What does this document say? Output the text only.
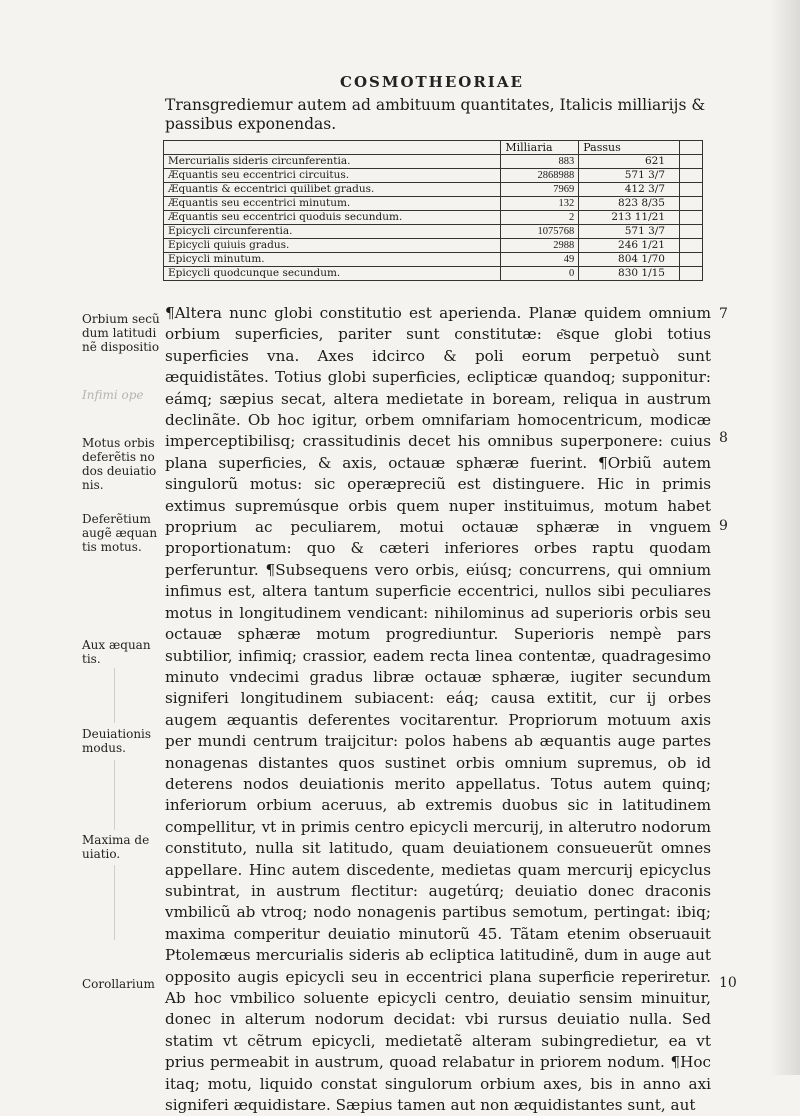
COSMOTHEORIAE
Transgrediemur autem ad ambituum quantitates, Italicis milliarijs & passibus exponendas.
	Milliaria	Passus	
Mercurialis sideris circunferentia.	883	621	
Æquantis seu eccentrici circuitus.	2868988	571 3/7	
Æquantis & eccentrici quilibet gradus.	7969	412 3/7	
Æquantis seu eccentrici minutum.	132	823 8/35	
Æquantis seu eccentrici quoduis secundum.	2	213 11/21	
Epicycli circunferentia.	1075768	571 3/7	
Epicycli quiuis gradus.	2988	246 1/21	
Epicycli minutum.	49	804 1/70	
Epicycli quodcunque secundum.	0	830 1/15	
Orbium secũ dum latitudi nẽ dispositio
Infimi ope
Motus orbis deferẽtis no dos deuiatio nis.
Deferẽtium augẽ æquan tis motus.
Aux æquan tis.
Deuiationis modus.
Maxima de uiatio.
Corollarium
7
8
9
10

¶Altera nunc globi constitutio est aperienda. Planæ quidem omnium orbium superficies, pariter sunt constitutæ: e͂sque globi totius superficies vna. Axes idcirco & poli eorum perpetuò sunt æquidistãtes. Totius globi superficies, eclipticæ quandoq; supponitur: eámq; sæpius secat, altera medietate in boream, reliqua in austrum declinãte. Ob hoc igitur, orbem omnifariam homocentricum, modicæ imperceptibilisq; crassitudinis decet his omnibus superponere: cuius plana superficies, & axis, octauæ sphæræ fuerint. ¶Orbiũ autem singulorũ motus: sic operæpreciũ est distinguere. Hic in primis extimus supremúsque orbis quem nuper instituimus, motum habet proprium ac peculiarem, motui octauæ sphæræ in vnguem proportionatum: quo & cæteri inferiores orbes raptu quodam perferuntur. ¶Subsequens vero orbis, eiúsq; concurrens, qui omnium infimus est, altera tantum superficie eccentrici, nullos sibi peculiares motus in longitudinem vendicant: nihilominus ad superioris orbis seu octauæ sphæræ motum progrediuntur. Superioris nempè pars subtilior, infimiq; crassior, eadem recta linea contentæ, quadragesimo minuto vndecimi gradus libræ octauæ sphæræ, iugiter secundum signiferi longitudinem subiacent: eáq; causa extitit, cur ij orbes augem æquantis deferentes vocitarentur. Propriorum motuum axis per mundi centrum traijcitur: polos habens ab æquantis auge partes nonagenas distantes quos sustinet orbis omnium supremus, ob id deterens nodos deuiationis merito appellatus. Totus autem quinq; inferiorum orbium aceruus, ab extremis duobus sic in latitudinem compellitur, vt in primis centro epicycli mercurij, in alterutro nodorum constituto, nulla sit latitudo, quam deuiationem consueuerũt omnes appellare. Hinc autem discedente, medietas quam mercurij epicyclus subintrat, in austrum flectitur: augetúrq; deuiatio donec draconis vmbilicũ ab vtroq; nodo nonagenis partibus semotum, pertingat: ibiq; maxima comperitur deuiatio minutorũ 45. Tãtam etenim obseruauit Ptolemæus mercurialis sideris ab ecliptica latitudinẽ, dum in auge aut opposito augis epicycli seu in eccentrici plana superficie reperiretur. Ab hoc vmbilico soluente epicycli centro, deuiatio sensim minuitur, donec in alterum nodorum decidat: vbi rursus deuiatio nulla. Sed statim vt cẽtrum epicycli, medietatẽ alteram subingredietur, ea vt prius permeabit in austrum, quoad relabatur in priorem nodum. ¶Hoc itaq; motu, liquido constat singulorum orbium axes, bis in anno axi signiferi æquidistare. Sæpius tamen aut non æquidistantes sunt, aut
